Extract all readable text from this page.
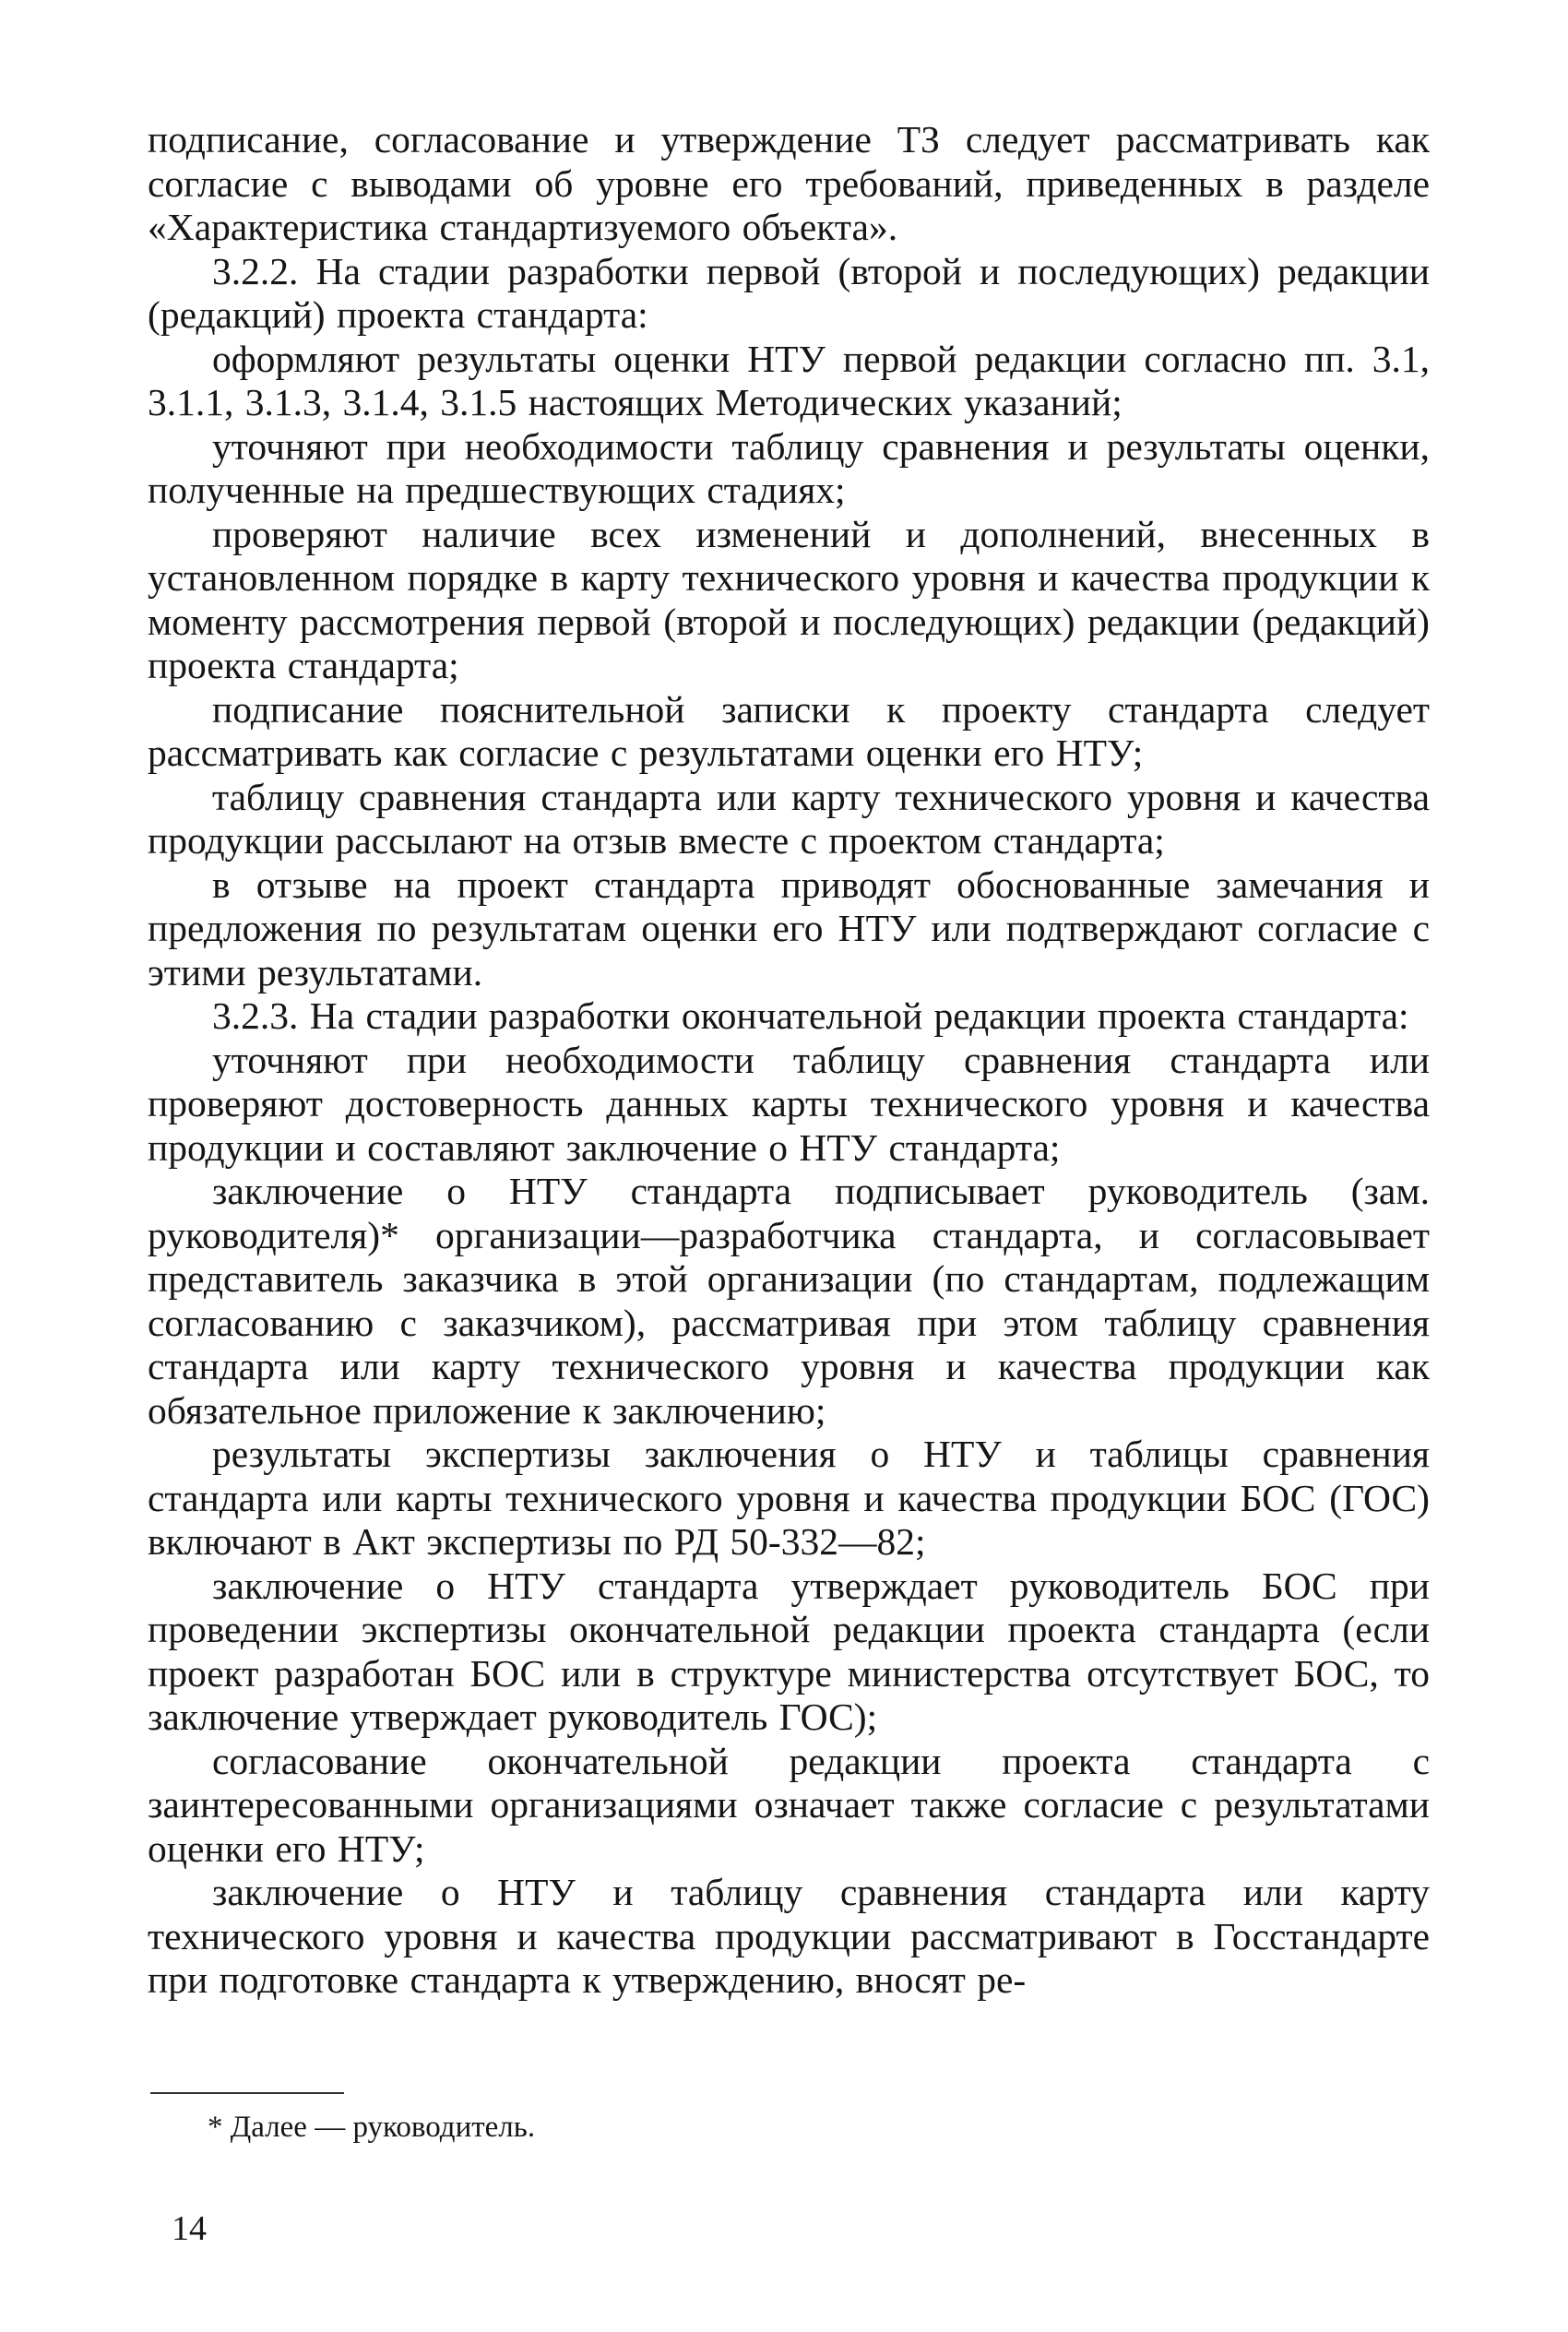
подписание, согласование и утверждение ТЗ следует рассматривать как согласие с выводами об уровне его требований, приведенных в разделе «Характеристика стандартизуемого объекта».

3.2.2. На стадии разработки первой (второй и последующих) редакции (редакций) проекта стандарта:

оформляют результаты оценки НТУ первой редакции согласно пп. 3.1, 3.1.1, 3.1.3, 3.1.4, 3.1.5 настоящих Методических указаний;

уточняют при необходимости таблицу сравнения и результаты оценки, полученные на предшествующих стадиях;

проверяют наличие всех изменений и дополнений, внесенных в установленном порядке в карту технического уровня и качества продукции к моменту рассмотрения первой (второй и последующих) редакции (редакций) проекта стандарта;

подписание пояснительной записки к проекту стандарта следует рассматривать как согласие с результатами оценки его НТУ;

таблицу сравнения стандарта или карту технического уровня и качества продукции рассылают на отзыв вместе с проектом стандарта;

в отзыве на проект стандарта приводят обоснованные замечания и предложения по результатам оценки его НТУ или подтверждают согласие с этими результатами.

3.2.3. На стадии разработки окончательной редакции проекта стандарта:

уточняют при необходимости таблицу сравнения стандарта или проверяют достоверность данных карты технического уровня и качества продукции и составляют заключение о НТУ стандарта;

заключение о НТУ стандарта подписывает руководитель (зам. руководителя)* организации—разработчика стандарта, и согласовывает представитель заказчика в этой организации (по стандартам, подлежащим согласованию с заказчиком), рассматривая при этом таблицу сравнения стандарта или карту технического уровня и качества продукции как обязательное приложение к заключению;

результаты экспертизы заключения о НТУ и таблицы сравнения стандарта или карты технического уровня и качества продукции БОС (ГОС) включают в Акт экспертизы по РД 50-332—82;

заключение о НТУ стандарта утверждает руководитель БОС при проведении экспертизы окончательной редакции проекта стандарта (если проект разработан БОС или в структуре министерства отсутствует БОС, то заключение утверждает руководитель ГОС);

согласование окончательной редакции проекта стандарта с заинтересованными организациями означает также согласие с результатами оценки его НТУ;

заключение о НТУ и таблицу сравнения стандарта или карту технического уровня и качества продукции рассматривают в Госстандарте при подготовке стандарта к утверждению, вносят ре-

* Далее — руководитель.

14
